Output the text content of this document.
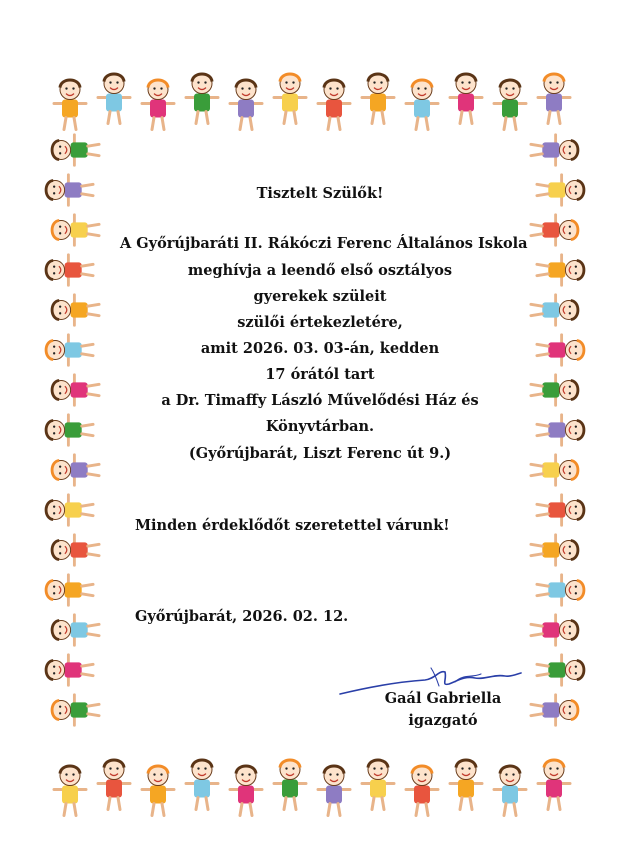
Tisztelt Szülők!
A Győrújbaráti II. Rákóczi Ferenc Általános Iskola
meghívja a leendő első osztályos
gyerekek szüleit
szülői értekezletére,
amit 2026. 03. 03-án, kedden
17 órától tart
a Dr. Timaffy László Művelődési Ház és
Könyvtárban.
(Győrújbarát, Liszt Ferenc út 9.)
Minden érdeklődőt szeretettel várunk!
Győrújbarát, 2026. 02. 12.
Gaál Gabriella
igazgató
